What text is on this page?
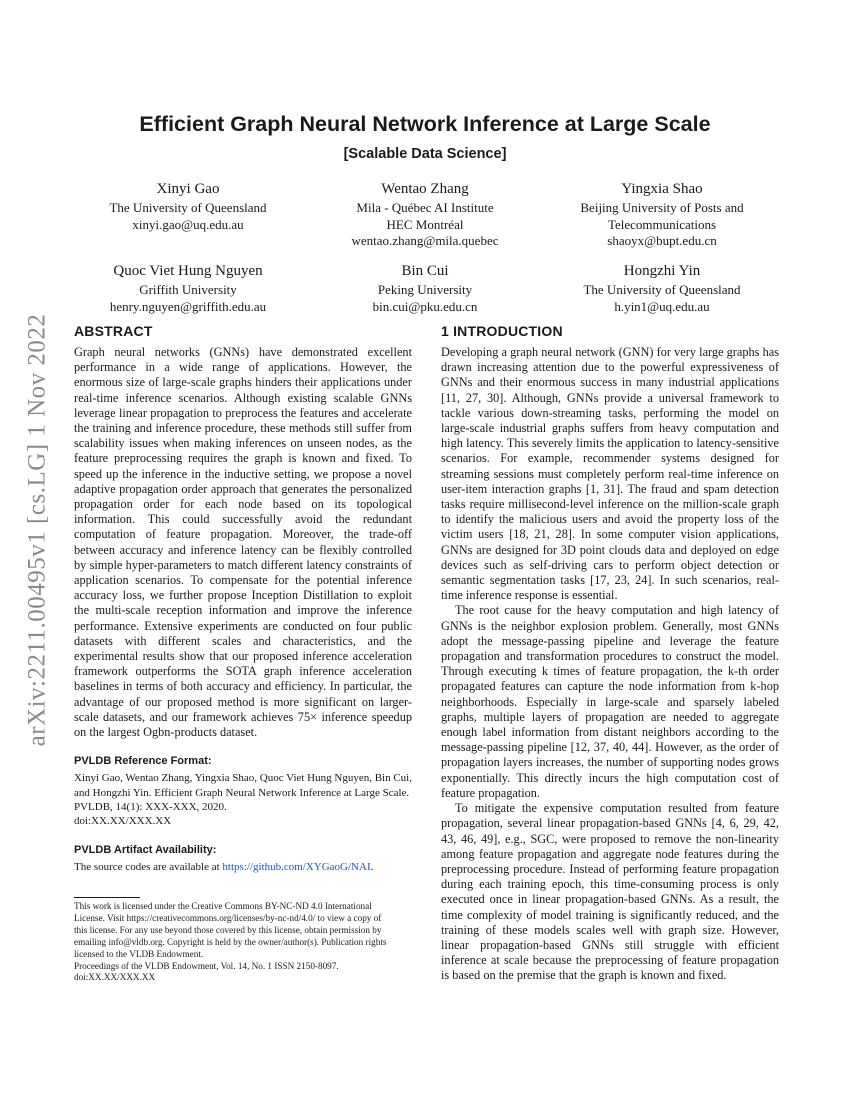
arXiv:2211.00495v1 [cs.LG] 1 Nov 2022
Efficient Graph Neural Network Inference at Large Scale
[Scalable Data Science]
Xinyi Gao
The University of Queensland
xinyi.gao@uq.edu.au
Wentao Zhang
Mila - Québec AI Institute
HEC Montréal
wentao.zhang@mila.quebec
Yingxia Shao
Beijing University of Posts and
Telecommunications
shaoyx@bupt.edu.cn
Quoc Viet Hung Nguyen
Griffith University
henry.nguyen@griffith.edu.au
Bin Cui
Peking University
bin.cui@pku.edu.cn
Hongzhi Yin
The University of Queensland
h.yin1@uq.edu.au
ABSTRACT

Graph neural networks (GNNs) have demonstrated excellent performance in a wide range of applications. However, the enormous size of large-scale graphs hinders their applications under real-time inference scenarios. Although existing scalable GNNs leverage linear propagation to preprocess the features and accelerate the training and inference procedure, these methods still suffer from scalability issues when making inferences on unseen nodes, as the feature preprocessing requires the graph is known and fixed. To speed up the inference in the inductive setting, we propose a novel adaptive propagation order approach that generates the personalized propagation order for each node based on its topological information. This could successfully avoid the redundant computation of feature propagation. Moreover, the trade-off between accuracy and inference latency can be flexibly controlled by simple hyper-parameters to match different latency constraints of application scenarios. To compensate for the potential inference accuracy loss, we further propose Inception Distillation to exploit the multi-scale reception information and improve the inference performance. Extensive experiments are conducted on four public datasets with different scales and characteristics, and the experimental results show that our proposed inference acceleration framework outperforms the SOTA graph inference acceleration baselines in terms of both accuracy and efficiency. In particular, the advantage of our proposed method is more significant on larger-scale datasets, and our framework achieves 75× inference speedup on the largest Ogbn-products dataset.

PVLDB Reference Format:
Xinyi Gao, Wentao Zhang, Yingxia Shao, Quoc Viet Hung Nguyen, Bin Cui,
and Hongzhi Yin. Efficient Graph Neural Network Inference at Large Scale.
PVLDB, 14(1): XXX-XXX, 2020.
doi:XX.XX/XXX.XX
PVLDB Artifact Availability:
The source codes are available at https://github.com/XYGaoG/NAI.
This work is licensed under the Creative Commons BY-NC-ND 4.0 International
License. Visit https://creativecommons.org/licenses/by-nc-nd/4.0/ to view a copy of
this license. For any use beyond those covered by this license, obtain permission by
emailing info@vldb.org. Copyright is held by the owner/author(s). Publication rights
licensed to the VLDB Endowment.
Proceedings of the VLDB Endowment, Vol. 14, No. 1 ISSN 2150-8097.
doi:XX.XX/XXX.XX
1 INTRODUCTION

Developing a graph neural network (GNN) for very large graphs has drawn increasing attention due to the powerful expressiveness of GNNs and their enormous success in many industrial applications [11, 27, 30]. Although, GNNs provide a universal framework to tackle various down-streaming tasks, performing the model on large-scale industrial graphs suffers from heavy computation and high latency. This severely limits the application to latency-sensitive scenarios. For example, recommender systems designed for streaming sessions must completely perform real-time inference on user-item interaction graphs [1, 31]. The fraud and spam detection tasks require millisecond-level inference on the million-scale graph to identify the malicious users and avoid the property loss of the victim users [18, 21, 28]. In some computer vision applications, GNNs are designed for 3D point clouds data and deployed on edge devices such as self-driving cars to perform object detection or semantic segmentation tasks [17, 23, 24]. In such scenarios, real-time inference response is essential.

The root cause for the heavy computation and high latency of GNNs is the neighbor explosion problem. Generally, most GNNs adopt the message-passing pipeline and leverage the feature propagation and transformation procedures to construct the model. Through executing k times of feature propagation, the k-th order propagated features can capture the node information from k-hop neighborhoods. Especially in large-scale and sparsely labeled graphs, multiple layers of propagation are needed to aggregate enough label information from distant neighbors according to the message-passing pipeline [12, 37, 40, 44]. However, as the order of propagation layers increases, the number of supporting nodes grows exponentially. This directly incurs the high computation cost of feature propagation.

To mitigate the expensive computation resulted from feature propagation, several linear propagation-based GNNs [4, 6, 29, 42, 43, 46, 49], e.g., SGC, were proposed to remove the non-linearity among feature propagation and aggregate node features during the preprocessing procedure. Instead of performing feature propagation during each training epoch, this time-consuming process is only executed once in linear propagation-based GNNs. As a result, the time complexity of model training is significantly reduced, and the training of these models scales well with graph size. However, linear propagation-based GNNs still struggle with efficient inference at scale because the preprocessing of feature propagation is based on the premise that the graph is known and fixed.
